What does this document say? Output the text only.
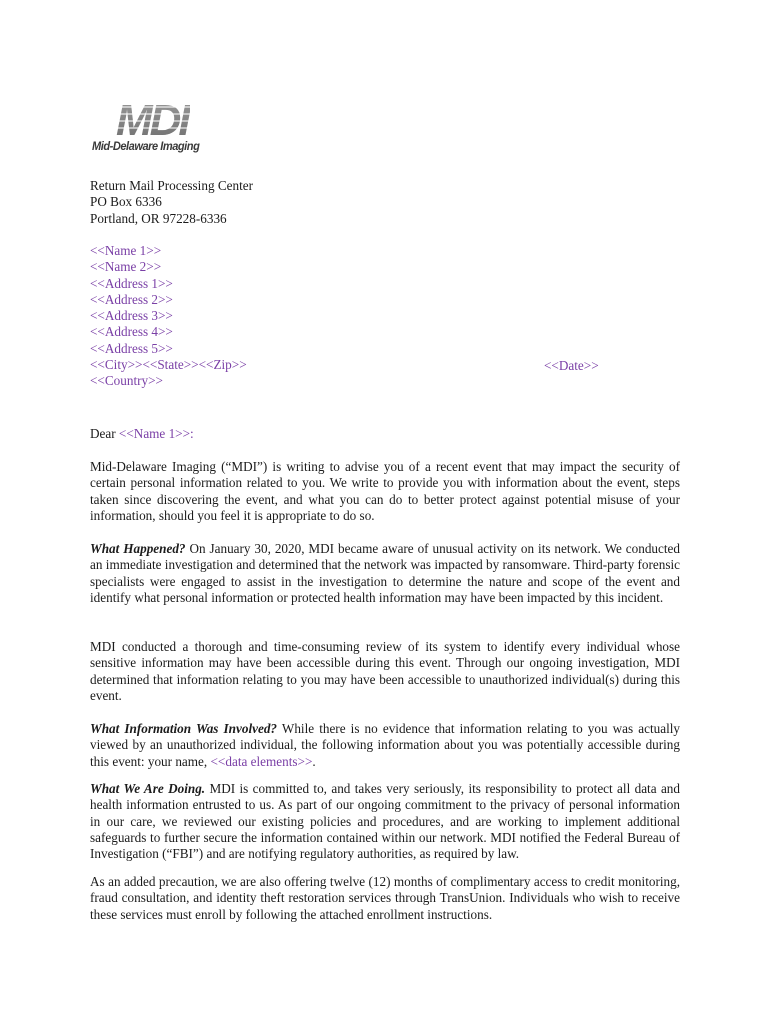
MDI
Mid-Delaware Imaging
Return Mail Processing Center
PO Box 6336
Portland, OR 97228-6336
<<Name 1>>
<<Name 2>>
<<Address 1>>
<<Address 2>>
<<Address 3>>
<<Address 4>>
<<Address 5>>
<<City>><<State>><<Zip>>
<<Country>>
<<Date>>
Dear <<Name 1>>:
Mid-Delaware Imaging (“MDI”) is writing to advise you of a recent event that may impact the security of certain personal information related to you. We write to provide you with information about the event, steps taken since discovering the event, and what you can do to better protect against potential misuse of your information, should you feel it is appropriate to do so.
What Happened? On January 30, 2020, MDI became aware of unusual activity on its network. We conducted an immediate investigation and determined that the network was impacted by ransomware. Third-party forensic specialists were engaged to assist in the investigation to determine the nature and scope of the event and identify what personal information or protected health information may have been impacted by this incident.
MDI conducted a thorough and time-consuming review of its system to identify every individual whose sensitive information may have been accessible during this event. Through our ongoing investigation, MDI determined that information relating to you may have been accessible to unauthorized individual(s) during this event.
What Information Was Involved? While there is no evidence that information relating to you was actually viewed by an unauthorized individual, the following information about you was potentially accessible during this event: your name, <<data elements>>.
What We Are Doing. MDI is committed to, and takes very seriously, its responsibility to protect all data and health information entrusted to us. As part of our ongoing commitment to the privacy of personal information in our care, we reviewed our existing policies and procedures, and are working to implement additional safeguards to further secure the information contained within our network. MDI notified the Federal Bureau of Investigation (“FBI”) and are notifying regulatory authorities, as required by law.
As an added precaution, we are also offering twelve (12) months of complimentary access to credit monitoring, fraud consultation, and identity theft restoration services through TransUnion. Individuals who wish to receive these services must enroll by following the attached enrollment instructions.
